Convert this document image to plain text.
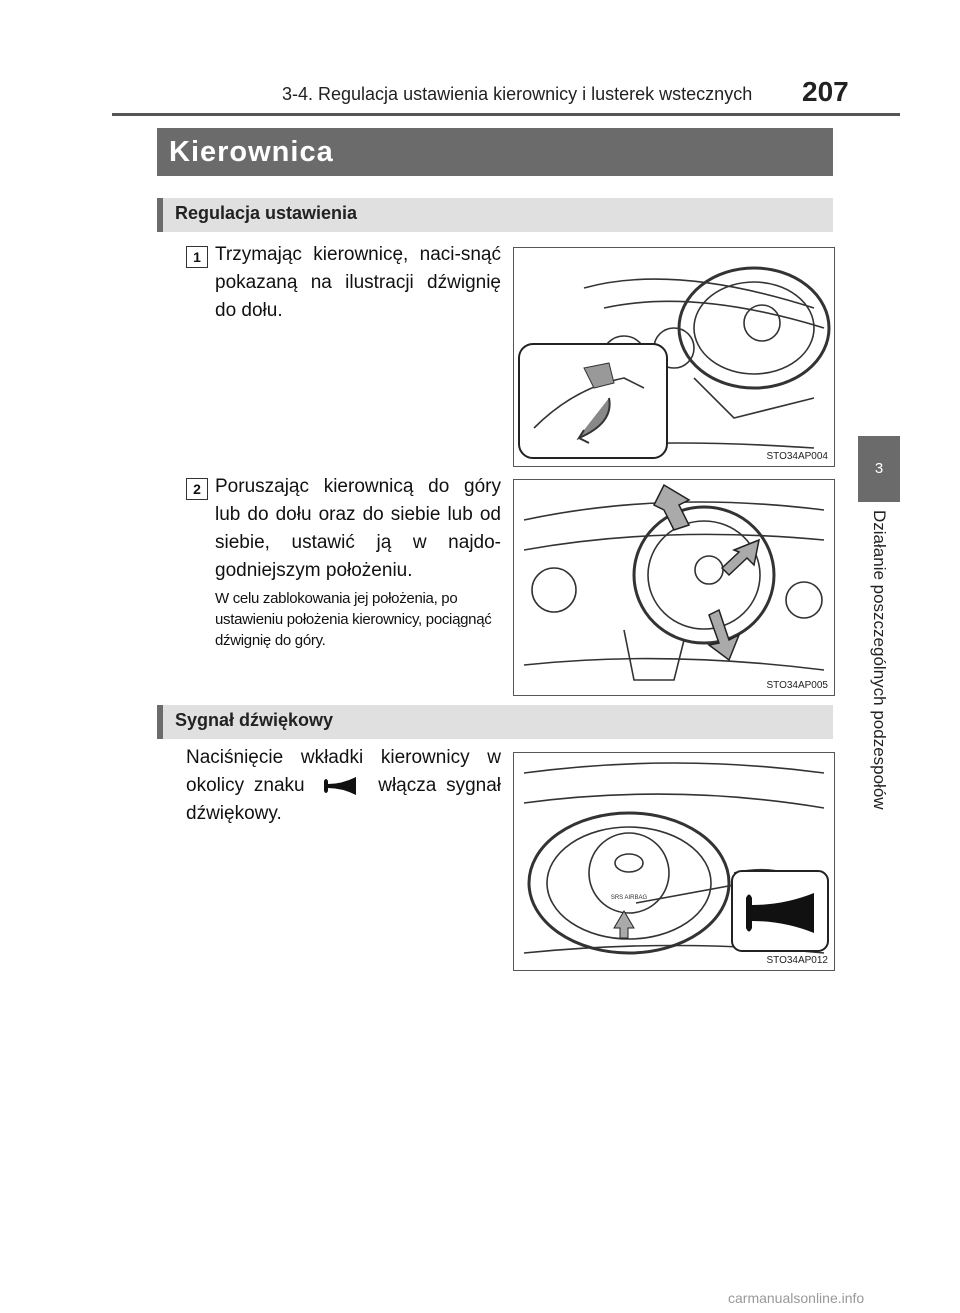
3-4. Regulacja ustawienia kierownicy i lusterek wstecznych 207
3
Działanie poszczególnych podzespołów
Kierownica
Regulacja ustawienia
1 Trzymając kierownicę, naci-snąć pokazaną na ilustracji dźwignię do dołu.
STO34AP004
2 Poruszając kierownicą do góry lub do dołu oraz do siebie lub od siebie, ustawić ją w najdo-godniejszym położeniu.
W celu zablokowania jej położenia, po ustawieniu położenia kierownicy, pociągnąć dźwignię do góry.
STO34AP005
Sygnał dźwiękowy
Naciśnięcie wkładki kierownicy w okolicy znaku	włącza sygnał dźwiękowy.
SRS AIRBAG
STO34AP012
carmanualsonline.info
